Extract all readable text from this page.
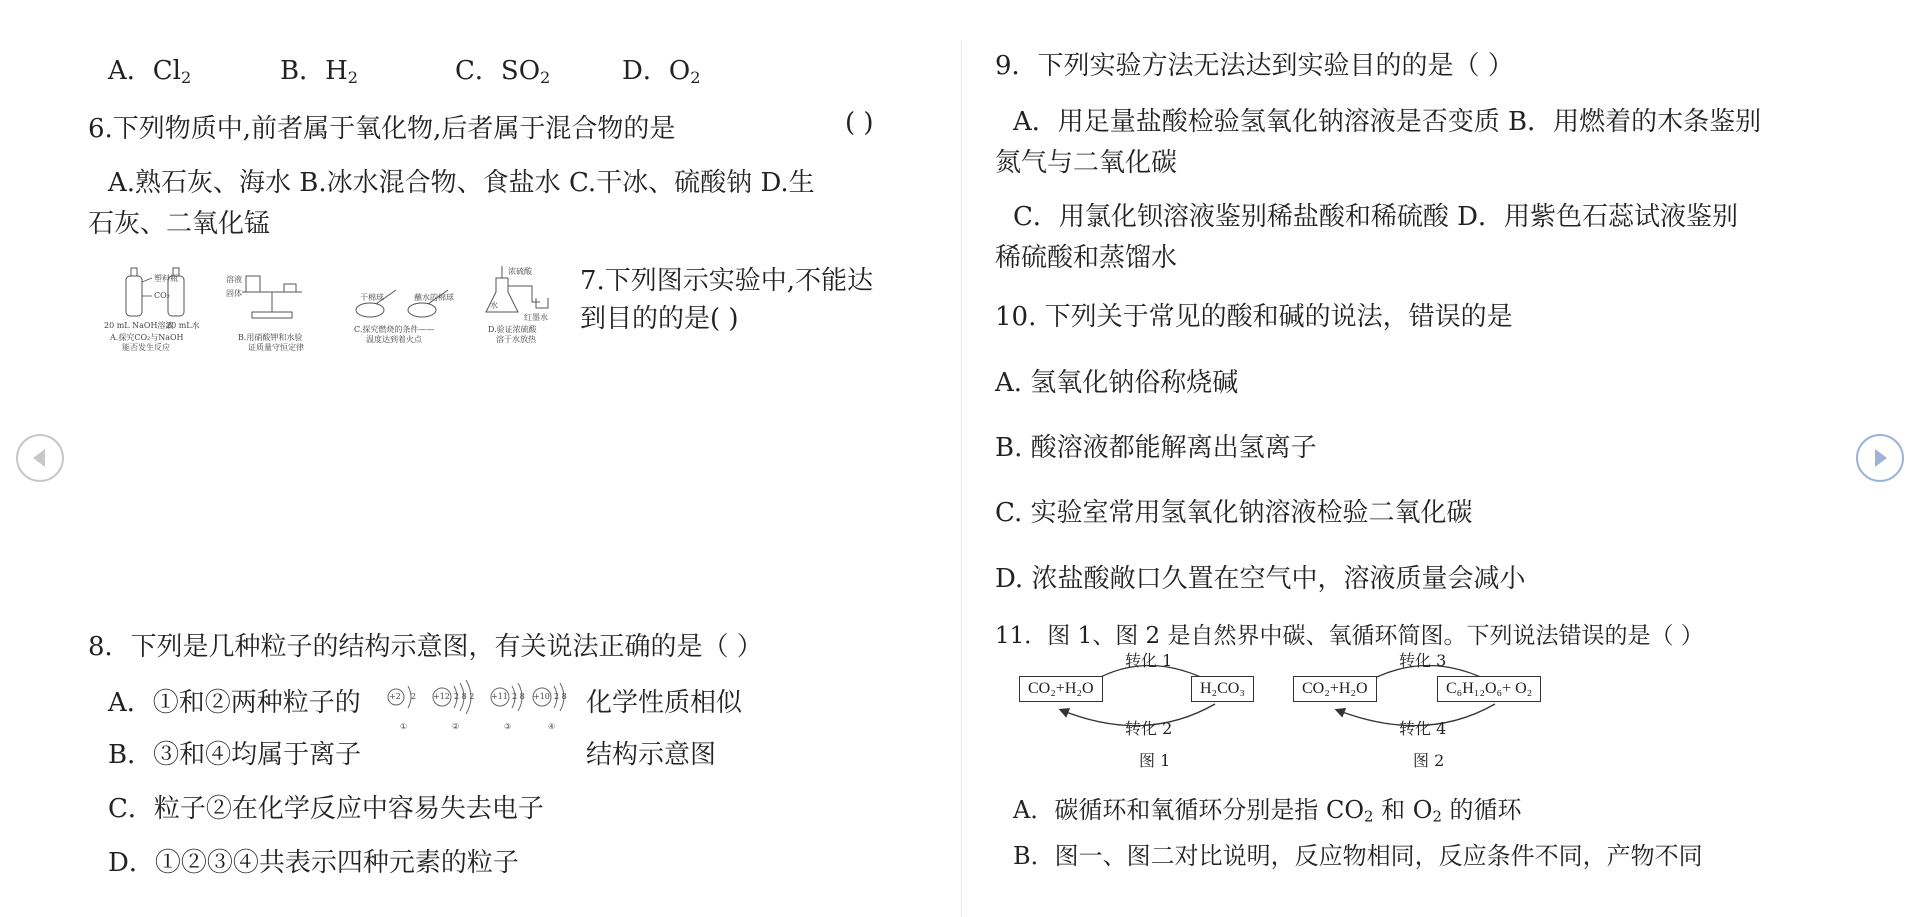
A．$Cl_2$	B．$H_2$	C．$SO_2$	D．$O_2$
6.下列物质中,前者属于氧化物,后者属于混合物的是	( )
A.熟石灰、海水 B.冰水混合物、食盐水 C.干冰、硫酸钠 D.生
石灰、二氧化锰
塑料瓶
CO₂
20 mL NaOH溶液
20 mL水
A.探究CO₂与NaOH
能否发生反应
溶液
固体
B.用硝酸钾和水验
证质量守恒定律
干棉球	蘸水的棉球
C.探究燃烧的条件——
温度达到着火点
浓硫酸
水
红墨水
D.验证浓硫酸
溶于水放热
7.下列图示实验中,不能达
到目的的是( )
8．下列是几种粒子的结构示意图，有关说法正确的是（ ）
A．①和②两种粒子的	化学性质相似
+2 2
①
+12 2 8 2
②
+11 2 8
③
+10 2 8
④
B．③和④均属于离子	结构示意图
C．粒子②在化学反应中容易失去电子
D．①②③④共表示四种元素的粒子
9．下列实验方法无法达到实验目的的是（ ）
A．用足量盐酸检验氢氧化钠溶液是否变质 B．用燃着的木条鉴别
氮气与二氧化碳
C．用氯化钡溶液鉴别稀盐酸和稀硫酸 D．用紫色石蕊试液鉴别
稀硫酸和蒸馏水
10. 下列关于常见的酸和碱的说法，错误的是
A. 氢氧化钠俗称烧碱
B. 酸溶液都能解离出氢离子
C. 实验室常用氢氧化钠溶液检验二氧化碳
D. 浓盐酸敞口久置在空气中，溶液质量会减小
11．图 1、图 2 是自然界中碳、氧循环简图。下列说法错误的是（ ）
CO₂+H₂O	H₂CO₃
转化 1
转化 2
图 1
CO₂+H₂O	C₆H₁₂O₆+ O₂
转化 3
转化 4
图 2
A．碳循环和氧循环分别是指 $CO_2$ 和 $O_2$ 的循环
B．图一、图二对比说明，反应物相同，反应条件不同，产物不同
